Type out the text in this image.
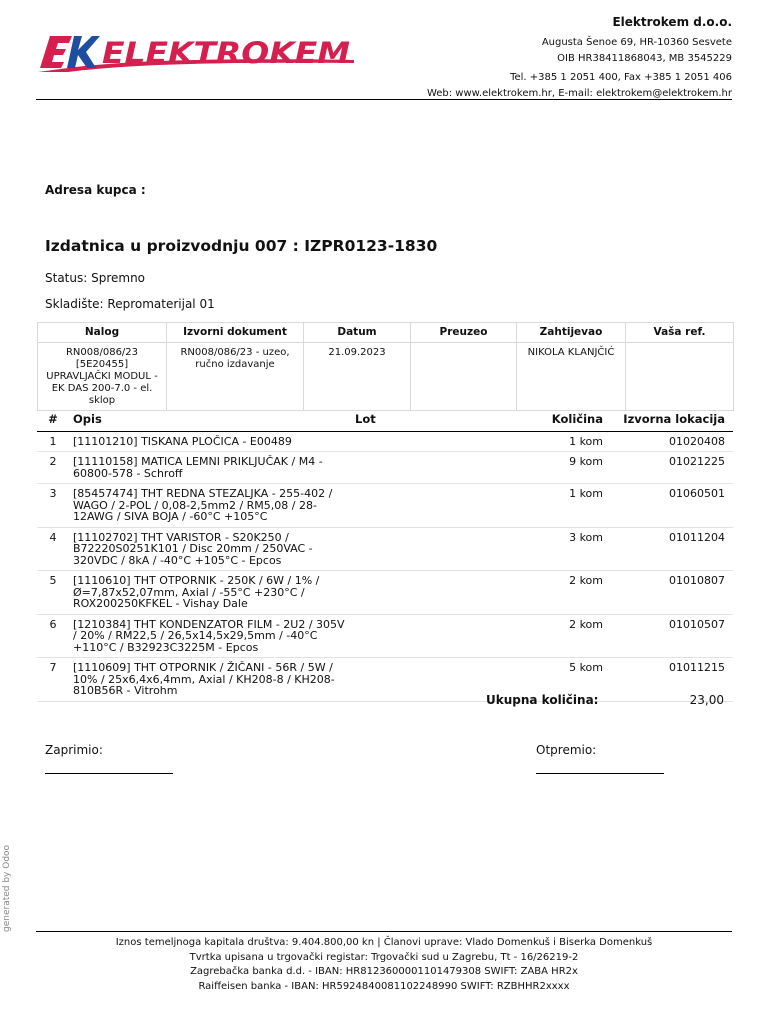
ELEKTROKEM
Elektrokem d.o.o.
Augusta Šenoe 69, HR-10360 Sesvete
OIB HR38411868043, MB 3545229
Tel. +385 1 2051 400, Fax +385 1 2051 406
Web: www.elektrokem.hr, E-mail: elektrokem@elektrokem.hr
Adresa kupca :
Izdatnica u proizvodnju 007 : IZPR0123-1830
Status: Spremno
Skladište: Repromaterijal 01
Nalog	Izvorni dokument	Datum	Preuzeo	Zahtijevao	Vaša ref.
RN008/086/23 [5E20455] UPRAVLJAČKI MODUL - EK DAS 200-7.0 - el. sklop	RN008/086/23 - uzeo, ručno izdavanje	21.09.2023		NIKOLA KLANJČIĆ	
#	Opis	Lot	Količina	Izvorna lokacija
1	[11101210] TISKANA PLOČICA - E00489		1 kom	01020408
2	[11110158] MATICA LEMNI PRIKLJUČAK / M4 - 60800-578 - Schroff		9 kom	01021225
3	[85457474] THT REDNA STEZALJKA - 255-402 / WAGO / 2-POL / 0,08-2,5mm2 / RM5,08 / 28-12AWG / SIVA BOJA / -60°C +105°C		1 kom	01060501
4	[11102702] THT VARISTOR - S20K250 / B72220S0251K101 / Disc 20mm / 250VAC - 320VDC / 8kA / -40°C +105°C - Epcos		3 kom	01011204
5	[1110610] THT OTPORNIK - 250K / 6W / 1% / Ø=7,87x52,07mm, Axial / -55°C +230°C / ROX200250KFKEL - Vishay Dale		2 kom	01010807
6	[1210384] THT KONDENZATOR FILM - 2U2 / 305V / 20% / RM22,5 / 26,5x14,5x29,5mm / -40°C +110°C / B32923C3225M - Epcos		2 kom	01010507
7	[1110609] THT OTPORNIK / ŽIČANI - 56R / 5W / 10% / 25x6,4x6,4mm, Axial / KH208-8 / KH208-810B56R - Vitrohm		5 kom	01011215
Ukupna količina:	23,00
Zaprimio:	Otpremio:
generated by Odoo
Iznos temeljnoga kapitala društva: 9.404.800,00 kn | Članovi uprave: Vlado Domenkuš i Biserka Domenkuš
Tvrtka upisana u trgovački registar: Trgovački sud u Zagrebu, Tt - 16/26219-2
Zagrebačka banka d.d. - IBAN: HR8123600001101479308 SWIFT: ZABA HR2x
Raiffeisen banka - IBAN: HR5924840081102248990 SWIFT: RZBHHR2xxxx
